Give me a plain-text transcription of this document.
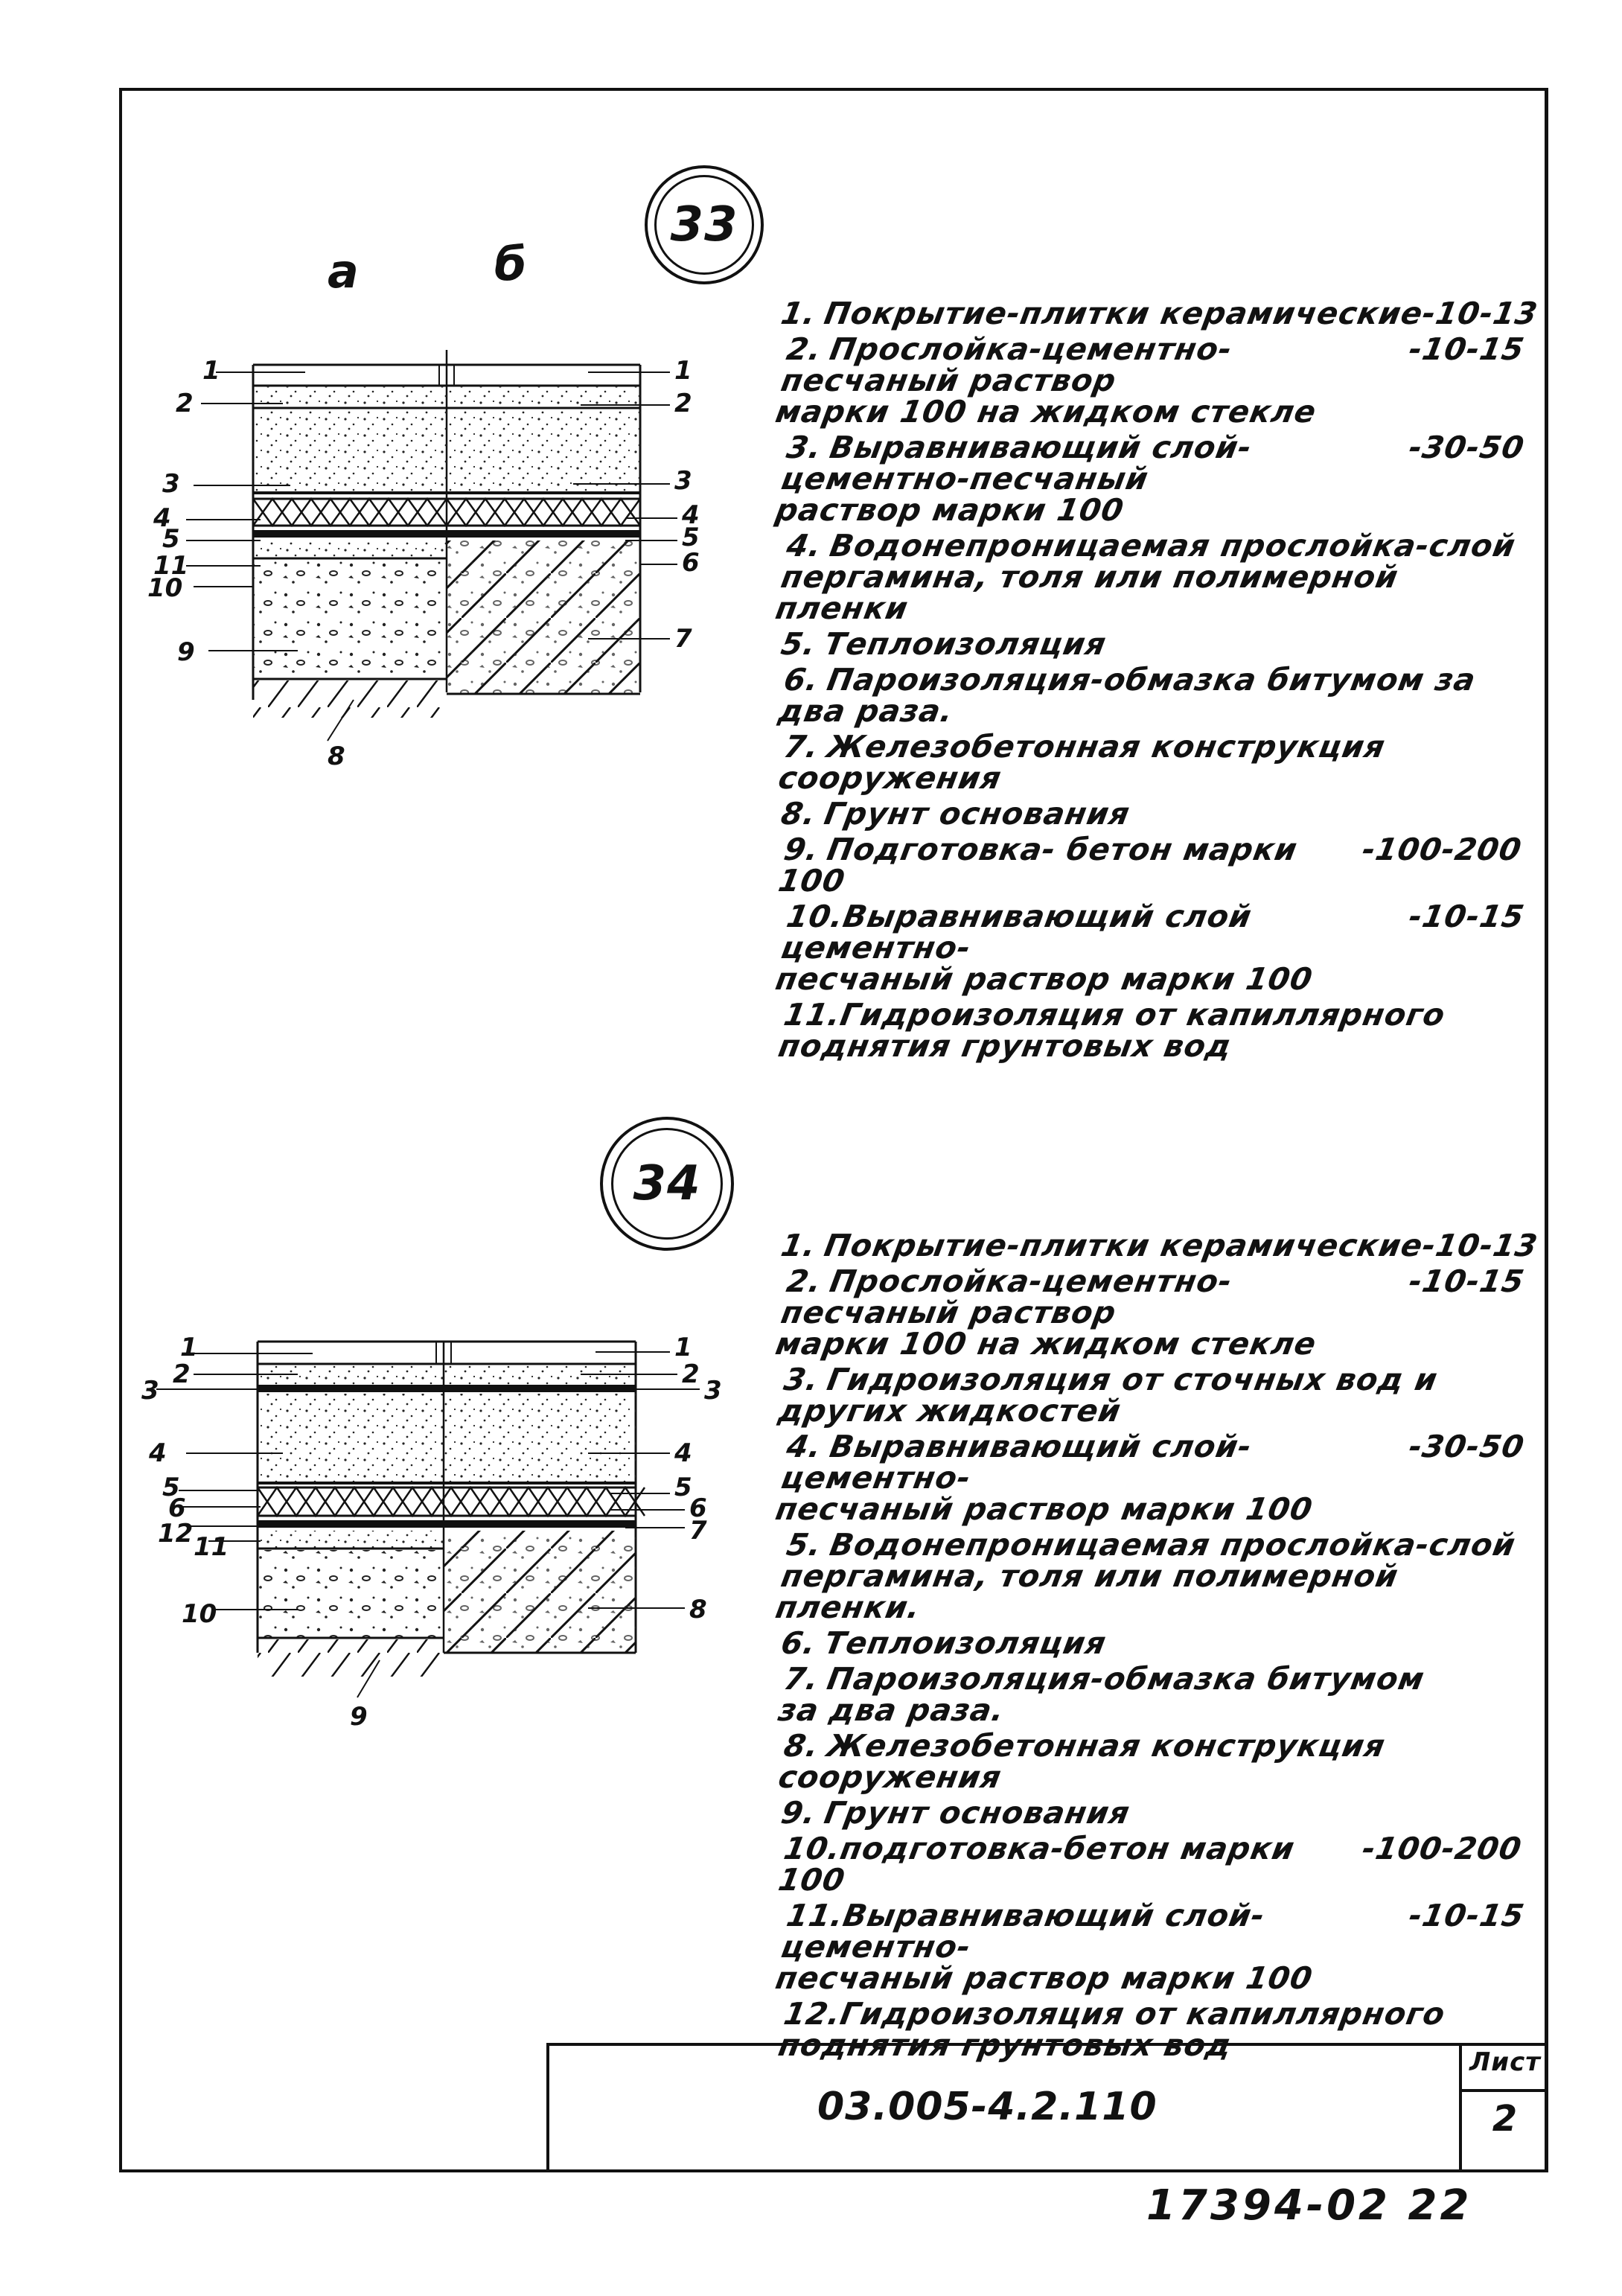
33
а	б
1
2
3
4
5
11
10
9
8
1
2
3
4
5
6
7
1.
Покрытие-плитки керамические-10-13
2.	-10-15
Прослойка-цементно-песчаный раствор
марки 100 на жидком стекле
3.	-30-50
Выравнивающий слой-цементно-песчаный
раствор марки 100
4.
Водонепроницаемая прослойка-слой
пергамина, толя или полимерной пленки
5.
Теплоизоляция
6.
Пароизоляция-обмазка битумом за
два раза.
7.
Железобетонная конструкция
сооружения
8.
Грунт основания
9.	-100-200
Подготовка- бетон марки 100
10.	-10-15
Выравнивающий слой цементно-
песчаный раствор марки 100
11.
Гидроизоляция от капиллярного
поднятия грунтовых вод
34
1
2
3
4
5
6
12 11
10
9
1
2
3
4
5
6
7
8
1.
Покрытие-плитки керамические-10-13
2.	-10-15
Прослойка-цементно-песчаный раствор
марки 100 на жидком стекле
3.
Гидроизоляция от сточных вод и
других жидкостей
4.	-30-50
Выравнивающий слой-цементно-
песчаный раствор марки 100
5.
Водонепроницаемая прослойка-слой
пергамина, толя или полимерной пленки.
6.
Теплоизоляция
7.
Пароизоляция-обмазка битумом
за два раза.
8.
Железобетонная конструкция сооружения
9.
Грунт основания
10.	-100-200
подготовка-бетон марки 100
11.	-10-15
Выравнивающий слой-цементно-
песчаный раствор марки 100
12.
Гидроизоляция от капиллярного
поднятия грунтовых вод
03.005-4.2.110
Лист
2
17394-02 22
